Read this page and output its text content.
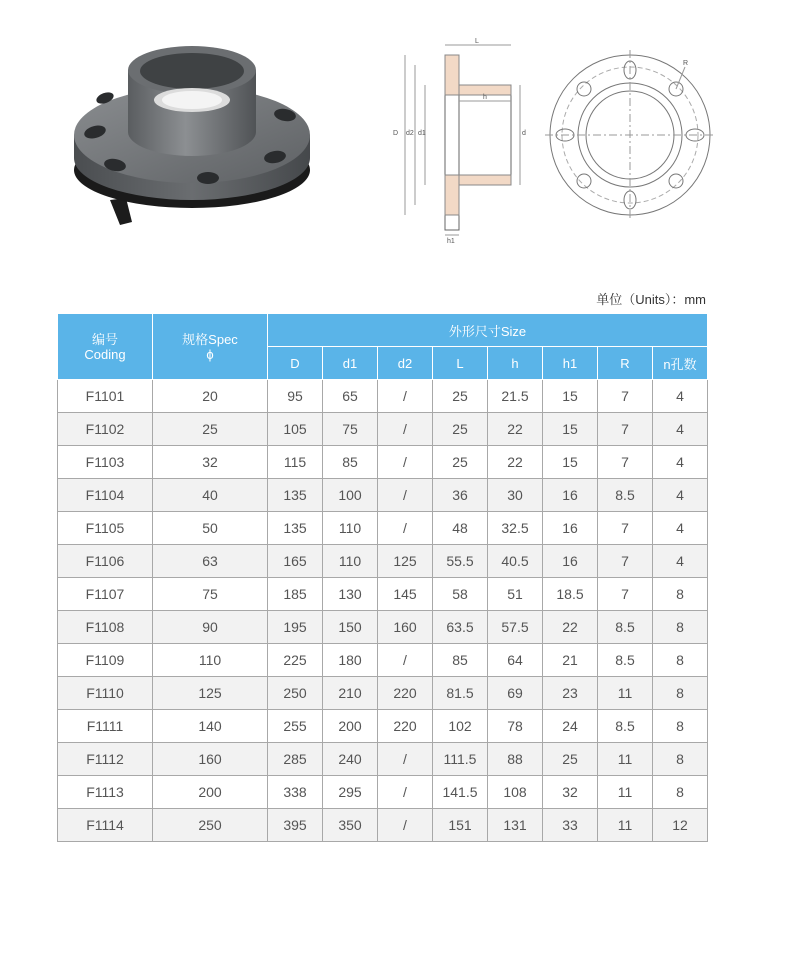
L
h
h1
D d2 d1	d
R
单位（Units）：mm
编号
Coding	规格Spec
ϕ	外形尺寸Size							
		D	d1	d2	L	h	h1	R	n孔数
F1101	20	95	65	/	25	21.5	15	7	4
F1102	25	105	75	/	25	22	15	7	4
F1103	32	115	85	/	25	22	15	7	4
F1104	40	135	100	/	36	30	16	8.5	4
F1105	50	135	110	/	48	32.5	16	7	4
F1106	63	165	110	125	55.5	40.5	16	7	4
F1107	75	185	130	145	58	51	18.5	7	8
F1108	90	195	150	160	63.5	57.5	22	8.5	8
F1109	110	225	180	/	85	64	21	8.5	8
F1110	125	250	210	220	81.5	69	23	11	8
F1111	140	255	200	220	102	78	24	8.5	8
F1112	160	285	240	/	111.5	88	25	11	8
F1113	200	338	295	/	141.5	108	32	11	8
F1114	250	395	350	/	151	131	33	11	12
